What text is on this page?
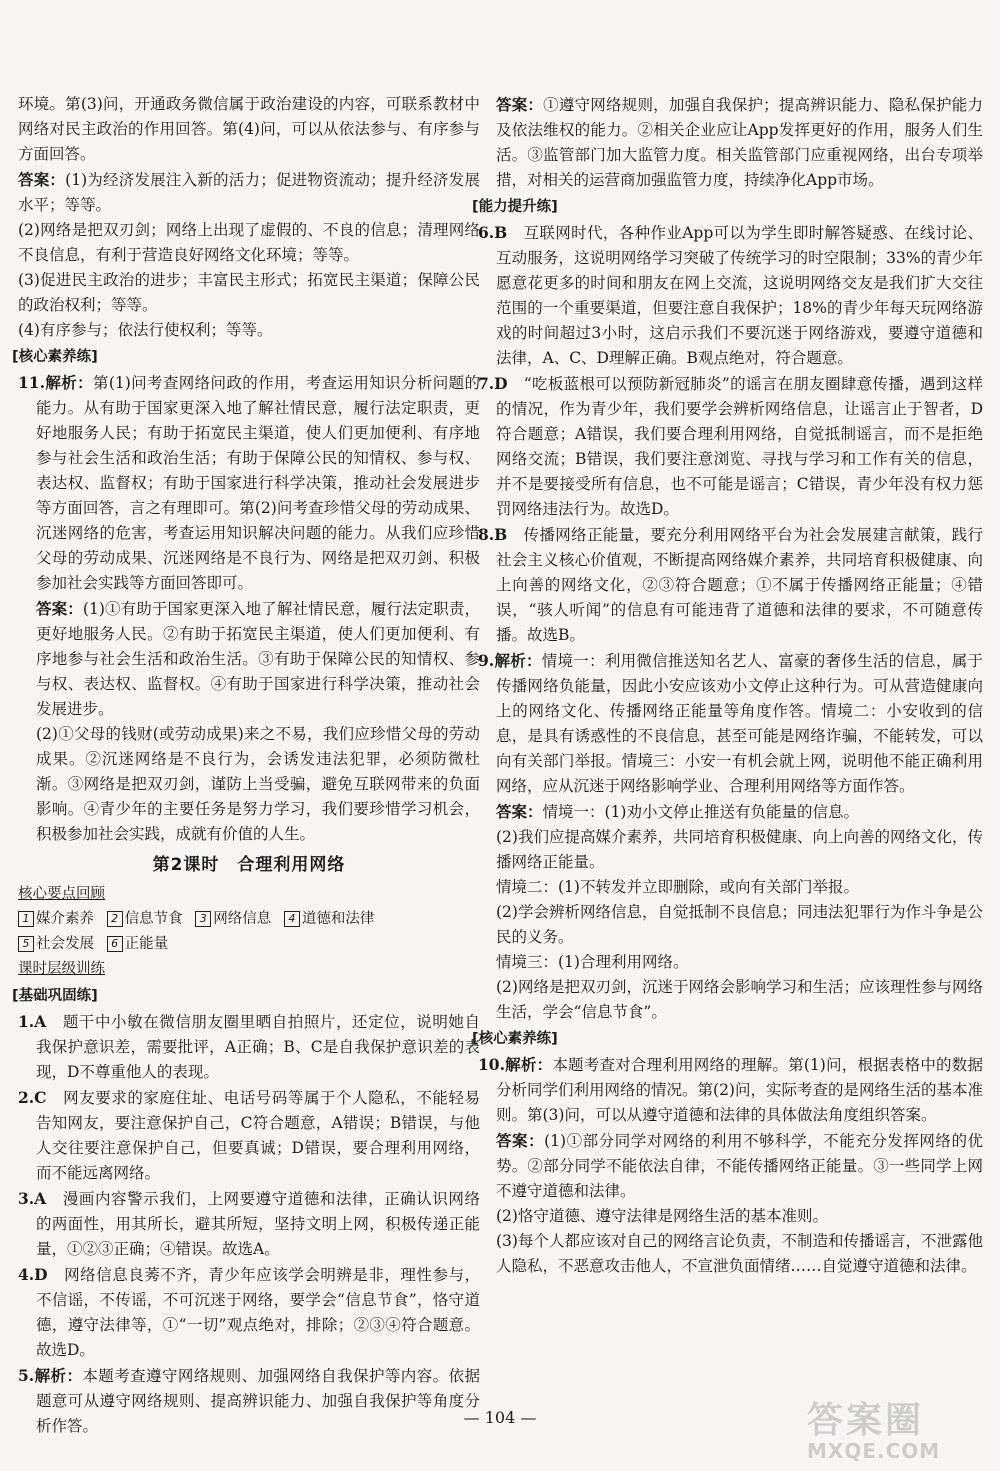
环境。第(3)问，开通政务微信属于政治建设的内容，可联系教材中网络对民主政治的作用回答。第(4)问，可以从依法参与、有序参与方面回答。

答案：(1)为经济发展注入新的活力；促进物资流动；提升经济发展水平；等等。

(2)网络是把双刃剑；网络上出现了虚假的、不良的信息；清理网络不良信息，有利于营造良好网络文化环境；等等。

(3)促进民主政治的进步；丰富民主形式；拓宽民主渠道；保障公民的政治权利；等等。

(4)有序参与；依法行使权利；等等。

[核心素养练]

11.解析：第(1)问考查网络问政的作用，考查运用知识分析问题的能力。从有助于国家更深入地了解社情民意，履行法定职责，更好地服务人民；有助于拓宽民主渠道，使人们更加便利、有序地参与社会生活和政治生活；有助于保障公民的知情权、参与权、表达权、监督权；有助于国家进行科学决策，推动社会发展进步等方面回答，言之有理即可。第(2)问考查珍惜父母的劳动成果、沉迷网络的危害，考查运用知识解决问题的能力。从我们应珍惜父母的劳动成果、沉迷网络是不良行为、网络是把双刃剑、积极参加社会实践等方面回答即可。

答案：(1)①有助于国家更深入地了解社情民意，履行法定职责，更好地服务人民。②有助于拓宽民主渠道，使人们更加便利、有序地参与社会生活和政治生活。③有助于保障公民的知情权、参与权、表达权、监督权。④有助于国家进行科学决策，推动社会发展进步。

(2)①父母的钱财(或劳动成果)来之不易，我们应珍惜父母的劳动成果。②沉迷网络是不良行为，会诱发违法犯罪，必须防微杜渐。③网络是把双刃剑，谨防上当受骗，避免互联网带来的负面影响。④青少年的主要任务是努力学习，我们要珍惜学习机会，积极参加社会实践，成就有价值的人生。

第2课时　合理利用网络
核心要点回顾
1 媒介素养 2 信息节食 3 网络信息 4 道德和法律
5 社会发展 6 正能量
课时层级训练

[基础巩固练]

1.A　 题干中小敏在微信朋友圈里晒自拍照片，还定位，说明她自我保护意识差，需要批评，A正确；B、C是自我保护意识差的表现，D不尊重他人的表现。

2.C　 网友要求的家庭住址、电话号码等属于个人隐私，不能轻易告知网友，要注意保护自己，C符合题意，A错误；B错误，与他人交往要注意保护自己，但要真诚；D错误，要合理利用网络，而不能远离网络。

3.A　 漫画内容警示我们，上网要遵守道德和法律，正确认识网络的两面性，用其所长，避其所短，坚持文明上网，积极传递正能量，①②③正确；④错误。故选A。

4.D　 网络信息良莠不齐，青少年应该学会明辨是非，理性参与，不信谣，不传谣，不可沉迷于网络，要学会“信息节食”，恪守道德，遵守法律等，①“一切”观点绝对，排除；②③④符合题意。故选D。

5.解析：本题考查遵守网络规则、加强网络自我保护等内容。依据题意可从遵守网络规则、提高辨识能力、加强自我保护等角度分析作答。

答案：①遵守网络规则，加强自我保护；提高辨识能力、隐私保护能力及依法维权的能力。②相关企业应让App发挥更好的作用，服务人们生活。③监管部门加大监管力度。相关监管部门应重视网络，出台专项举措，对相关的运营商加强监管力度，持续净化App市场。

[能力提升练]

6.B　 互联网时代，各种作业App可以为学生即时解答疑惑、在线讨论、互动服务，这说明网络学习突破了传统学习的时空限制；33%的青少年愿意花更多的时间和朋友在网上交流，这说明网络交友是我们扩大交往范围的一个重要渠道，但要注意自我保护；18%的青少年每天玩网络游戏的时间超过3小时，这启示我们不要沉迷于网络游戏，要遵守道德和法律，A、C、D理解正确。B观点绝对，符合题意。

7.D　 “吃板蓝根可以预防新冠肺炎”的谣言在朋友圈肆意传播，遇到这样的情况，作为青少年，我们要学会辨析网络信息，让谣言止于智者，D符合题意；A错误，我们要合理利用网络，自觉抵制谣言，而不是拒绝网络交流；B错误，我们要注意浏览、寻找与学习和工作有关的信息，并不是要接受所有信息，也不可能是谣言；C错误，青少年没有权力惩罚网络违法行为。故选D。

8.B　 传播网络正能量，要充分利用网络平台为社会发展建言献策，践行社会主义核心价值观，不断提高网络媒介素养，共同培育积极健康、向上向善的网络文化，②③符合题意；①不属于传播网络正能量；④错误，“骇人听闻”的信息有可能违背了道德和法律的要求，不可随意传播。故选B。

9.解析：情境一：利用微信推送知名艺人、富豪的奢侈生活的信息，属于传播网络负能量，因此小安应该劝小文停止这种行为。可从营造健康向上的网络文化、传播网络正能量等角度作答。情境二：小安收到的信息，是具有诱惑性的不良信息，甚至可能是网络诈骗，不能转发，可以向有关部门举报。情境三：小安一有机会就上网，说明他不能正确利用网络，应从沉迷于网络影响学业、合理利用网络等方面作答。

答案：情境一：(1)劝小文停止推送有负能量的信息。

(2)我们应提高媒介素养，共同培育积极健康、向上向善的网络文化，传播网络正能量。

情境二：(1)不转发并立即删除，或向有关部门举报。

(2)学会辨析网络信息，自觉抵制不良信息；同违法犯罪行为作斗争是公民的义务。

情境三：(1)合理利用网络。

(2)网络是把双刃剑，沉迷于网络会影响学习和生活；应该理性参与网络生活，学会“信息节食”。

[核心素养练]

10.解析：本题考查对合理利用网络的理解。第(1)问，根据表格中的数据分析同学们利用网络的情况。第(2)问，实际考查的是网络生活的基本准则。第(3)问，可以从遵守道德和法律的具体做法角度组织答案。

答案：(1)①部分同学对网络的利用不够科学，不能充分发挥网络的优势。②部分同学不能依法自律，不能传播网络正能量。③一些同学上网不遵守道德和法律。

(2)恪守道德、遵守法律是网络生活的基本准则。

(3)每个人都应该对自己的网络言论负责，不制造和传播谣言，不泄露他人隐私，不恶意攻击他人，不宣泄负面情绪……自觉遵守道德和法律。

— 104 —	答案圈
MXQE.COM
